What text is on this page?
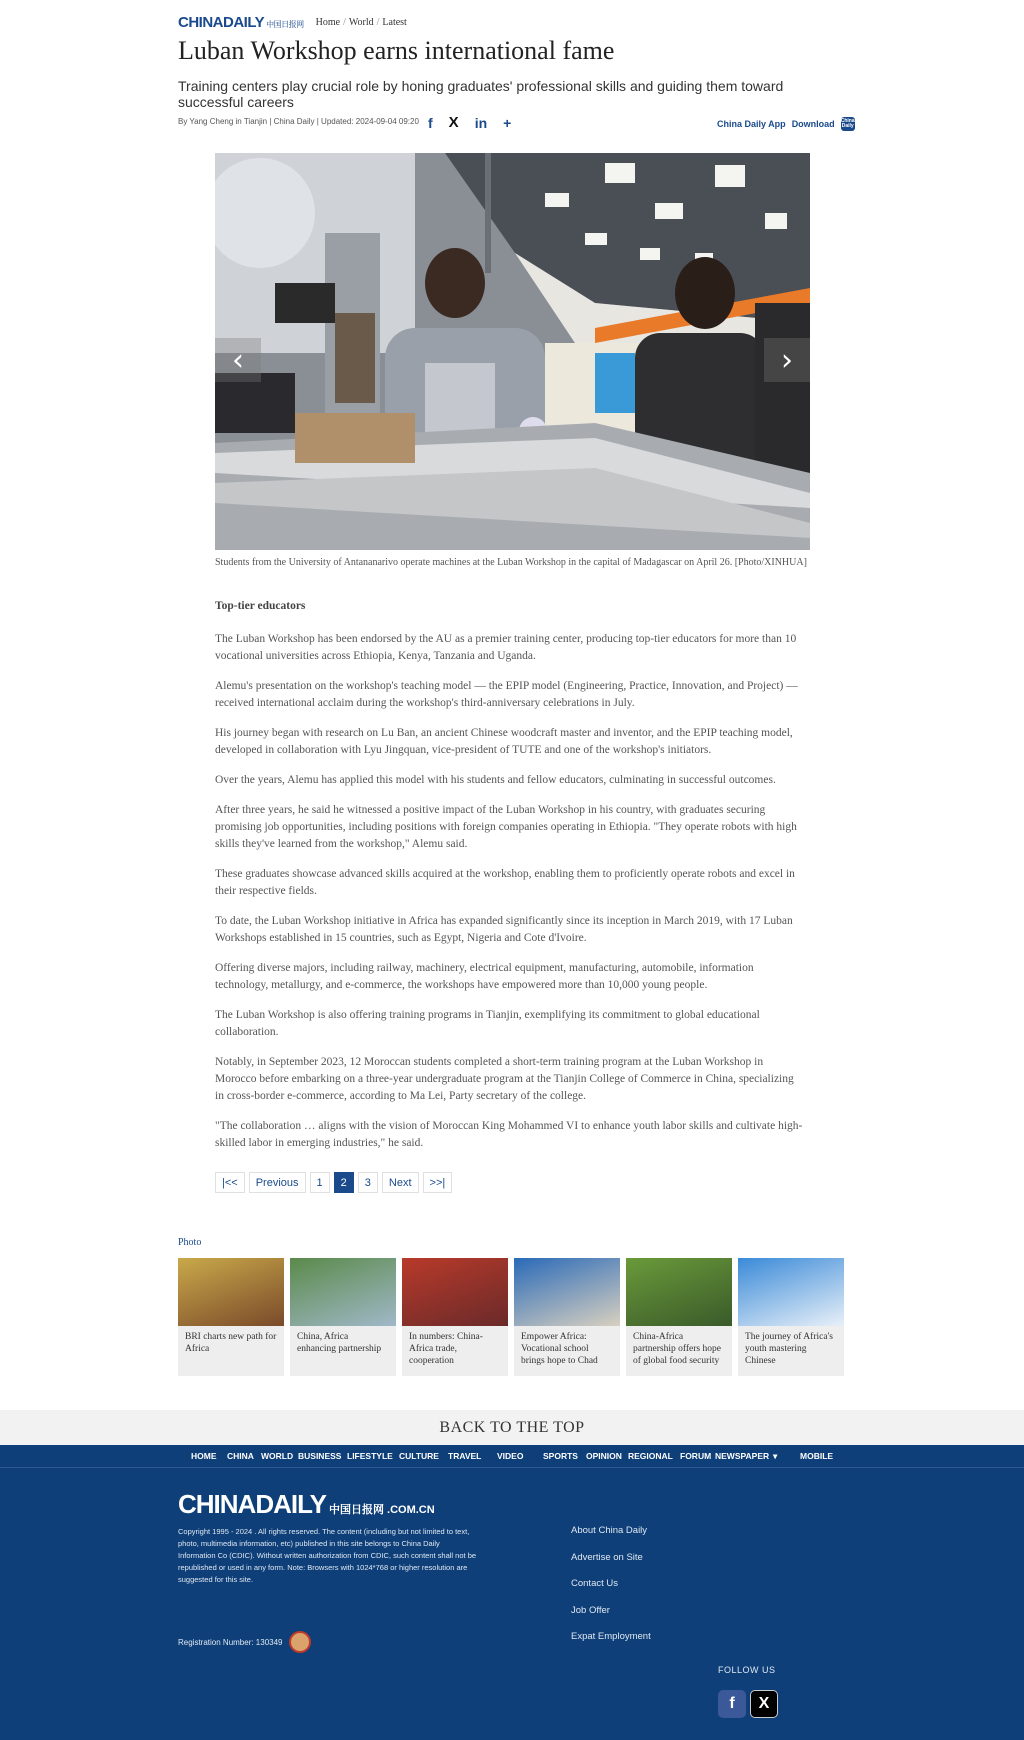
CHINADAILY 中国日报网 Home / World / Latest
Luban Workshop earns international fame
Training centers play crucial role by honing graduates' professional skills and guiding them toward successful careers
By Yang Cheng in Tianjin | China Daily | Updated: 2024-09-04 09:20 f X in +	China Daily App Download China Daily
‹	›
Students from the University of Antananarivo operate machines at the Luban Workshop in the capital of Madagascar on April 26. [Photo/XINHUA]
Top-tier educators

The Luban Workshop has been endorsed by the AU as a premier training center, producing top-tier educators for more than 10 vocational universities across Ethiopia, Kenya, Tanzania and Uganda.

Alemu's presentation on the workshop's teaching model — the EPIP model (Engineering, Practice, Innovation, and Project) — received international acclaim during the workshop's third-anniversary celebrations in July.

His journey began with research on Lu Ban, an ancient Chinese woodcraft master and inventor, and the EPIP teaching model, developed in collaboration with Lyu Jingquan, vice-president of TUTE and one of the workshop's initiators.

Over the years, Alemu has applied this model with his students and fellow educators, culminating in successful outcomes.

After three years, he said he witnessed a positive impact of the Luban Workshop in his country, with graduates securing promising job opportunities, including positions with foreign companies operating in Ethiopia. "They operate robots with high skills they've learned from the workshop," Alemu said.

These graduates showcase advanced skills acquired at the workshop, enabling them to proficiently operate robots and excel in their respective fields.

To date, the Luban Workshop initiative in Africa has expanded significantly since its inception in March 2019, with 17 Luban Workshops established in 15 countries, such as Egypt, Nigeria and Cote d'Ivoire.

Offering diverse majors, including railway, machinery, electrical equipment, manufacturing, automobile, information technology, metallurgy, and e-commerce, the workshops have empowered more than 10,000 young people.

The Luban Workshop is also offering training programs in Tianjin, exemplifying its commitment to global educational collaboration.

Notably, in September 2023, 12 Moroccan students completed a short-term training program at the Luban Workshop in Morocco before embarking on a three-year undergraduate program at the Tianjin College of Commerce in China, specializing in cross-border e-commerce, according to Ma Lei, Party secretary of the college.

"The collaboration … aligns with the vision of Moroccan King Mohammed VI to enhance youth labor skills and cultivate high-skilled labor in emerging industries," he said.

|<<	Previous	1	2	3	Next	>>|
Photo
BRI charts new path for Africa
China, Africa enhancing partnership
In numbers: China-Africa trade, cooperation
Empower Africa: Vocational school brings hope to Chad
China-Africa partnership offers hope of global food security
The journey of Africa's youth mastering Chinese
BACK TO THE TOP
HOME CHINA WORLD BUSINESS LIFESTYLE CULTURE TRAVEL VIDEO SPORTS OPINION REGIONAL FORUM NEWSPAPER ▾	MOBILE
CHINADAILY 中国日报网 .COM.CN
Copyright 1995 - 2024 . All rights reserved. The content (including but not limited to text, photo, multimedia information, etc) published in this site belongs to China Daily Information Co (CDIC). Without written authorization from CDIC, such content shall not be republished or used in any form. Note: Browsers with 1024*768 or higher resolution are suggested for this site.
About China Daily
Advertise on Site
Contact Us
Job Offer
Expat Employment
Registration Number: 130349
FOLLOW US
f	X
